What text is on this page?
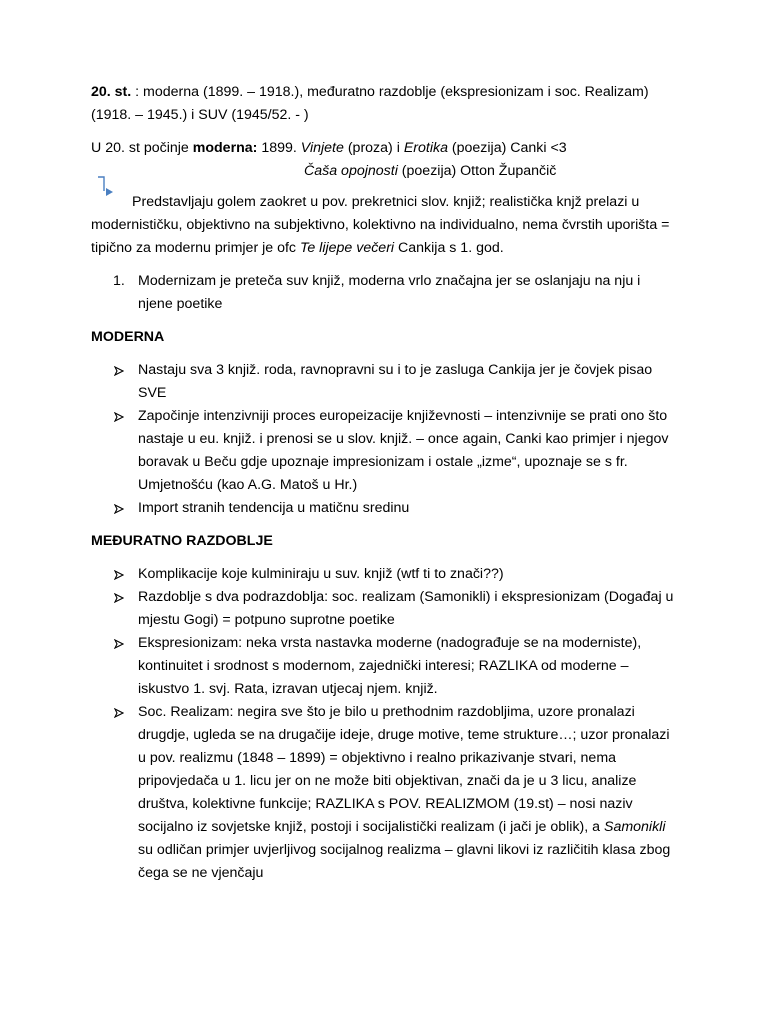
20. st. : moderna (1899. – 1918.), međuratno razdoblje (ekspresionizam i soc. Realizam) (1918. – 1945.) i SUV (1945/52. - )

U 20. st počinje moderna: 1899. Vinjete (proza) i Erotika (poezija) Canki <3

Čaša opojnosti (poezija) Otton Župančič

Predstavljaju golem zaokret u pov. prekretnici slov. knjiž; realistička knjž prelazi u modernističku, objektivno na subjektivno, kolektivno na individualno, nema čvrstih uporišta = tipično za modernu primjer je ofc Te lijepe večeri Cankija s 1. god.

1. Modernizam je preteča suv knjiž, moderna vrlo značajna jer se oslanjaju na nju i njene poetike

MODERNA

Nastaju sva 3 knjiž. roda, ravnopravni su i to je zasluga Cankija jer je čovjek pisao SVE
Započinje intenzivniji proces europeizacije književnosti – intenzivnije se prati ono što nastaje u eu. knjiž. i prenosi se u slov. knjiž. – once again, Canki kao primjer i njegov boravak u Beču gdje upoznaje impresionizam i ostale „izme“, upoznaje se s fr. Umjetnošću (kao A.G. Matoš u Hr.)
Import stranih tendencija u matičnu sredinu

MEĐURATNO RAZDOBLJE

Komplikacije koje kulminiraju u suv. knjiž (wtf ti to znači??)
Razdoblje s dva podrazdoblja: soc. realizam (Samonikli) i ekspresionizam (Događaj u mjestu Gogi) = potpuno suprotne poetike
Ekspresionizam: neka vrsta nastavka moderne (nadograđuje se na moderniste), kontinuitet i srodnost s modernom, zajednički interesi; RAZLIKA od moderne – iskustvo 1. svj. Rata, izravan utjecaj njem. knjiž.
Soc. Realizam: negira sve što je bilo u prethodnim razdobljima, uzore pronalazi drugdje, ugleda se na drugačije ideje, druge motive, teme strukture…; uzor pronalazi u pov. realizmu (1848 – 1899) = objektivno i realno prikazivanje stvari, nema pripovjedača u 1. licu jer on ne može biti objektivan, znači da je u 3 licu, analize društva, kolektivne funkcije; RAZLIKA s POV. REALIZMOM (19.st) – nosi naziv socijalno iz sovjetske knjiž, postoji i socijalistički realizam (i jači je oblik), a Samonikli su odličan primjer uvjerljivog socijalnog realizma – glavni likovi iz različitih klasa zbog čega se ne vjenčaju
